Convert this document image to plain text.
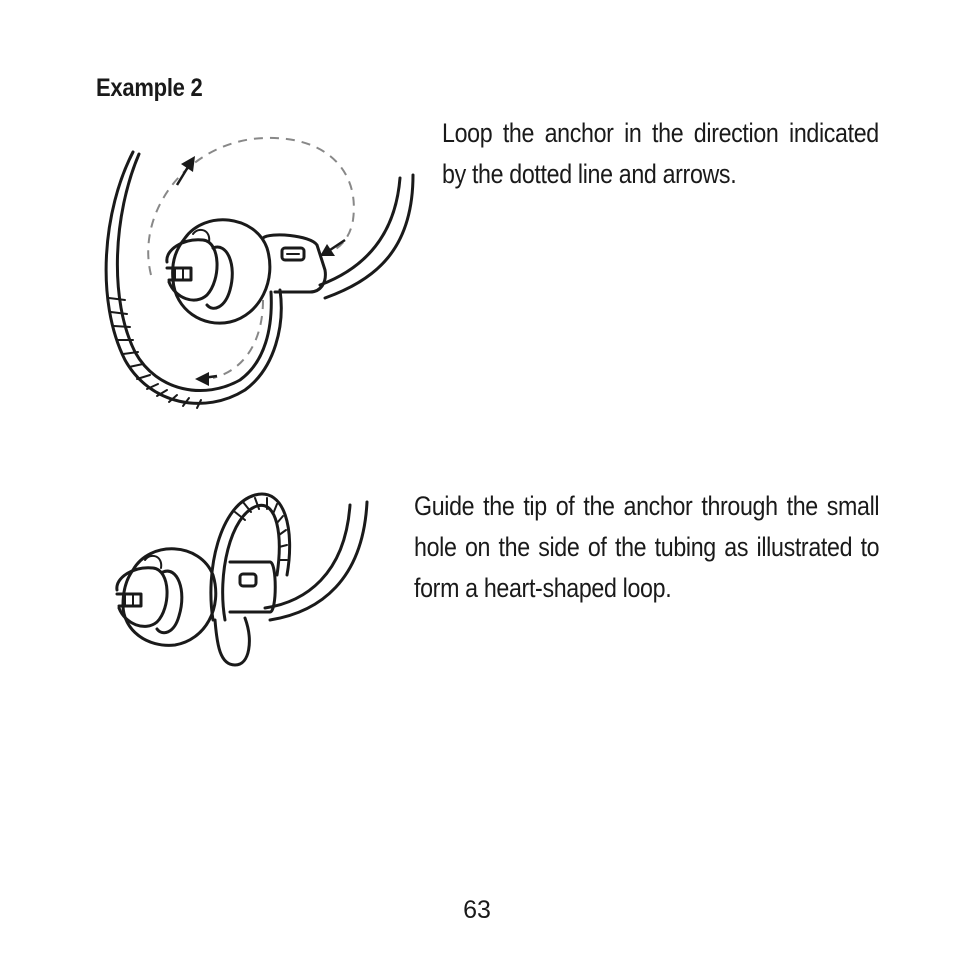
Example 2
Loop the anchor in the direction indicated by the dotted line and arrows.
Guide the tip of the anchor through the small hole on the side of the tubing as illustrated to form a heart-shaped loop.
63
